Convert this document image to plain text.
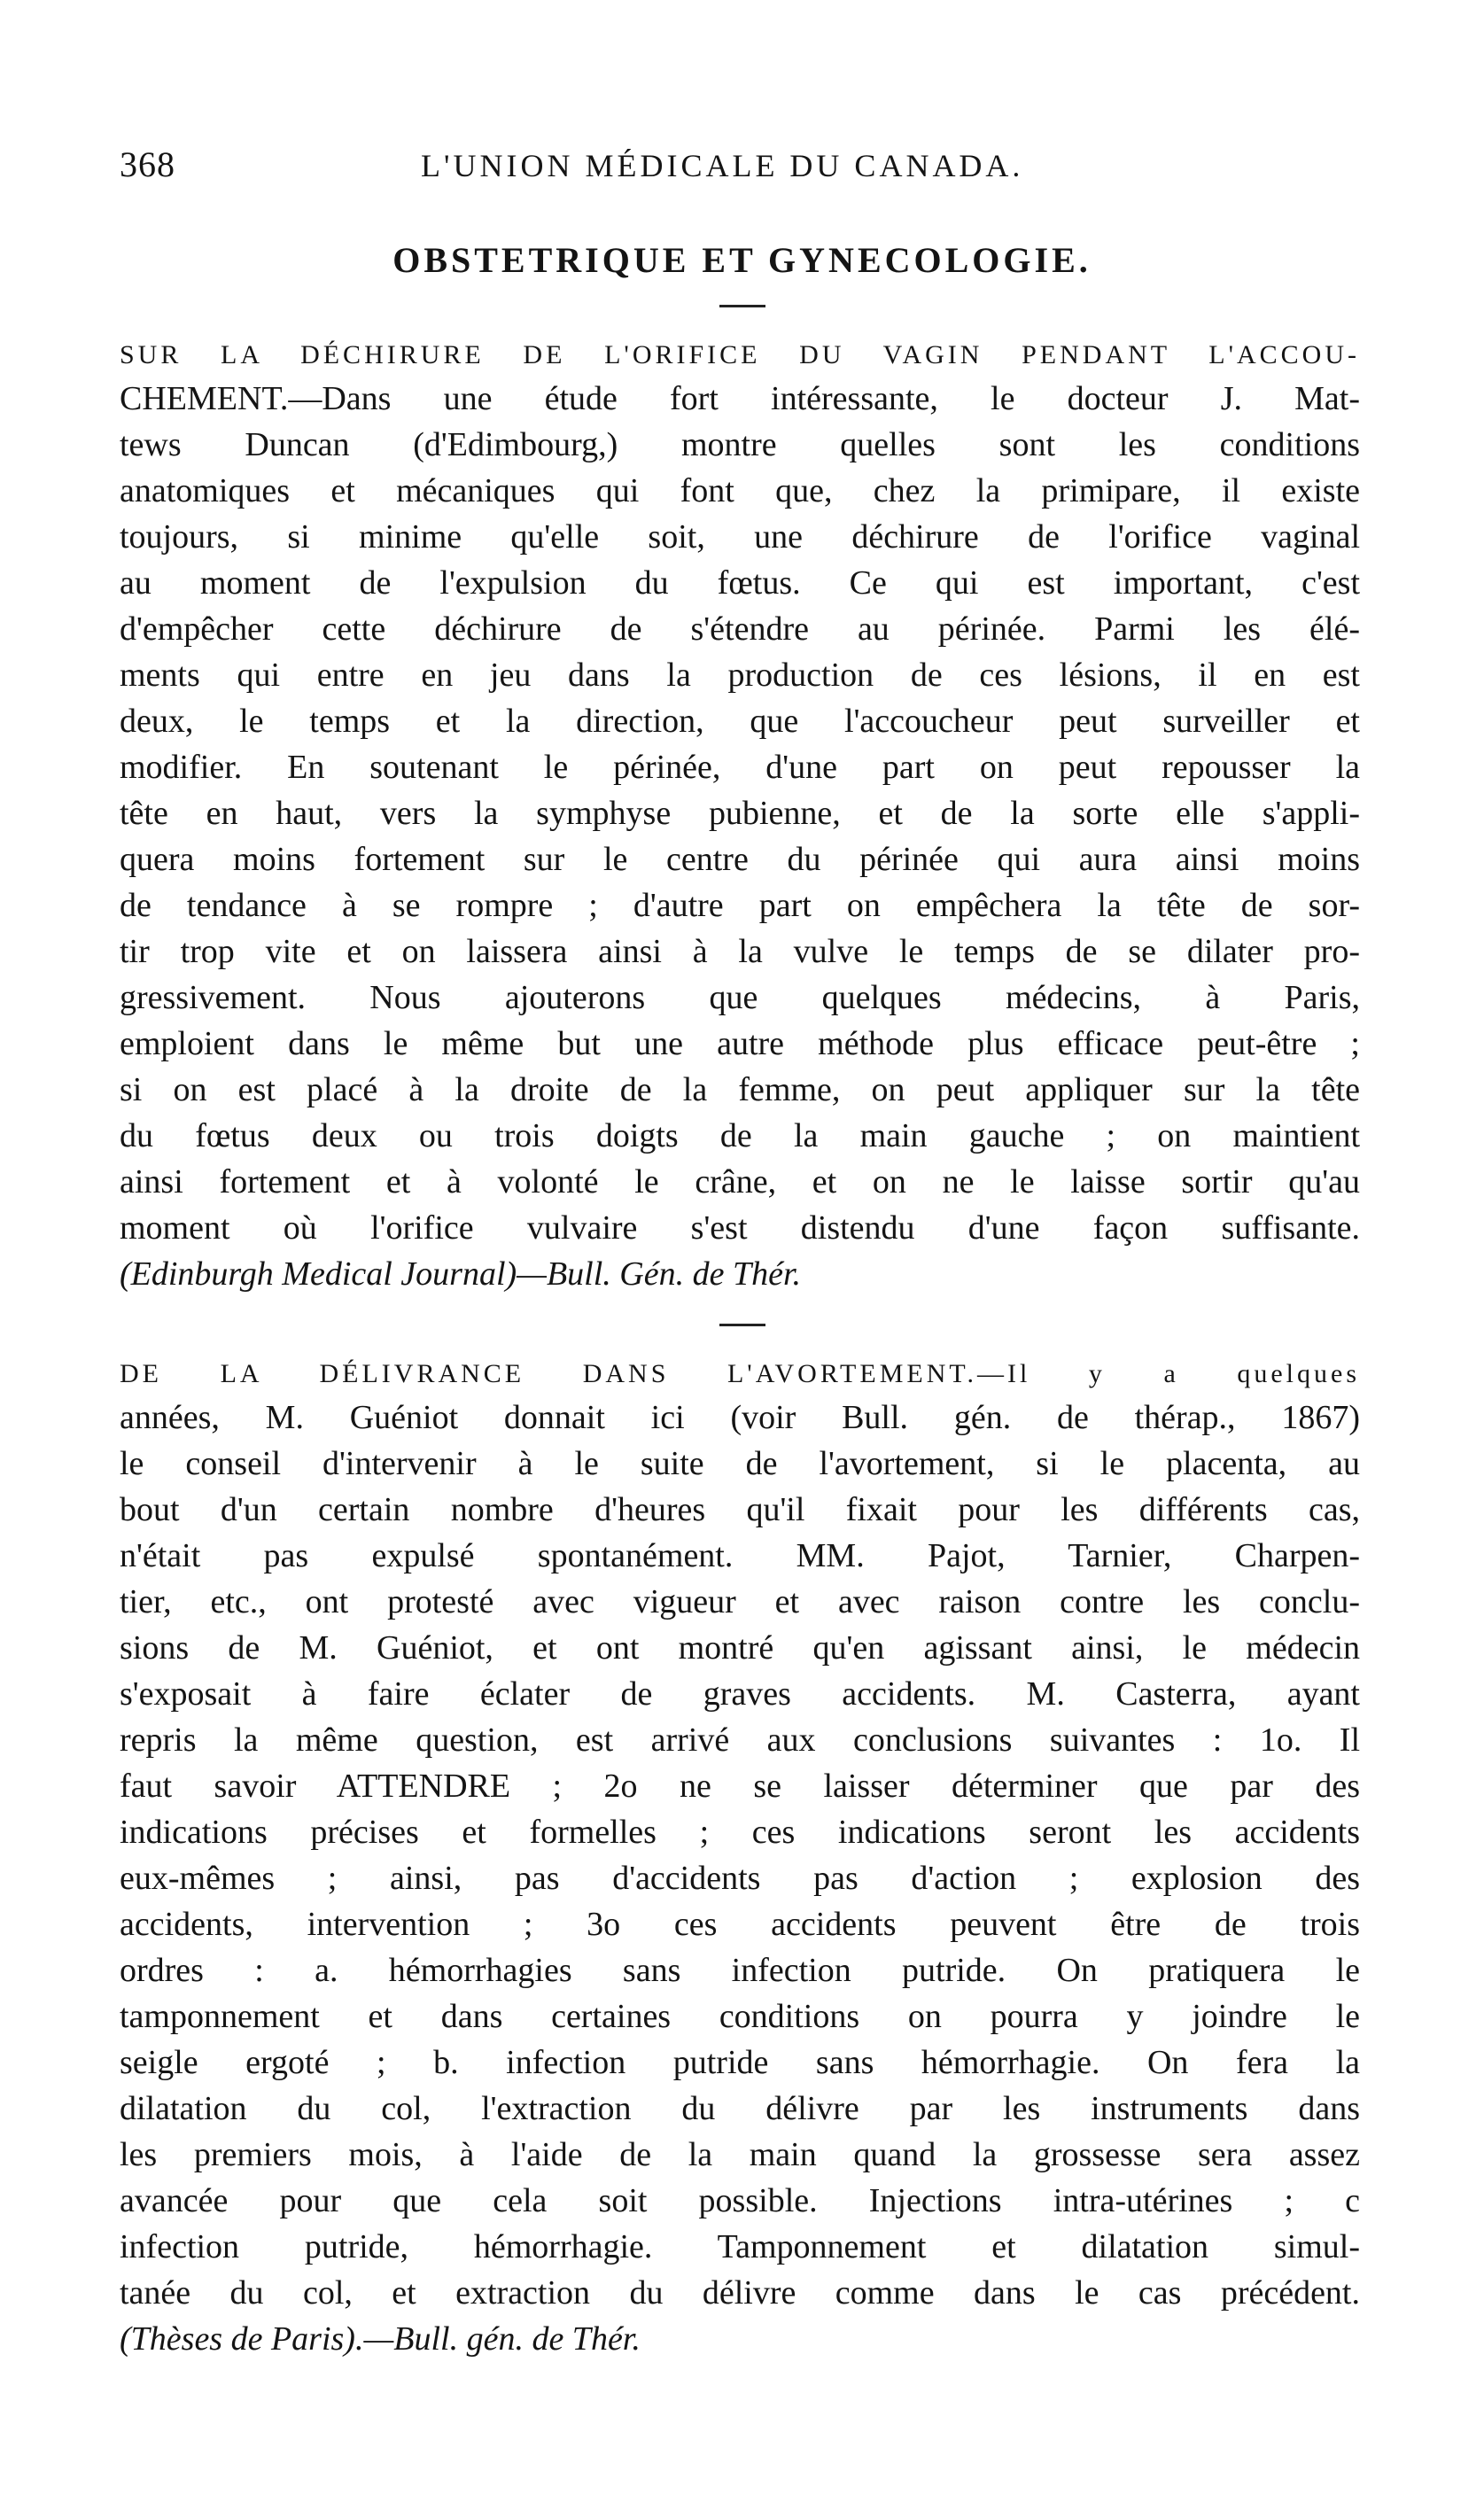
368	L'UNION MÉDICALE DU CANADA.
OBSTETRIQUE ET GYNECOLOGIE.
SUR LA DÉCHIRURE DE L'ORIFICE DU VAGIN PENDANT L'ACCOU-
CHEMENT.—Dans une étude fort intéressante, le docteur J. Mat-
tews Duncan (d'Edimbourg,) montre quelles sont les conditions
anatomiques et mécaniques qui font que, chez la primipare, il existe
toujours, si minime qu'elle soit, une déchirure de l'orifice vaginal
au moment de l'expulsion du fœtus. Ce qui est important, c'est
d'empêcher cette déchirure de s'étendre au périnée. Parmi les élé-
ments qui entre en jeu dans la production de ces lésions, il en est
deux, le temps et la direction, que l'accoucheur peut surveiller et
modifier. En soutenant le périnée, d'une part on peut repousser la
tête en haut, vers la symphyse pubienne, et de la sorte elle s'appli-
quera moins fortement sur le centre du périnée qui aura ainsi moins
de tendance à se rompre ; d'autre part on empêchera la tête de sor-
tir trop vite et on laissera ainsi à la vulve le temps de se dilater pro-
gressivement. Nous ajouterons que quelques médecins, à Paris,
emploient dans le même but une autre méthode plus efficace peut-être ;
si on est placé à la droite de la femme, on peut appliquer sur la tête
du fœtus deux ou trois doigts de la main gauche ; on maintient
ainsi fortement et à volonté le crâne, et on ne le laisse sortir qu'au
moment où l'orifice vulvaire s'est distendu d'une façon suffisante.
(Edinburgh Medical Journal)—Bull. Gén. de Thér.
DE LA DÉLIVRANCE DANS L'AVORTEMENT.—Il y a quelques
années, M. Guéniot donnait ici (voir Bull. gén. de thérap., 1867)
le conseil d'intervenir à le suite de l'avortement, si le placenta, au
bout d'un certain nombre d'heures qu'il fixait pour les différents cas,
n'était pas expulsé spontanément. MM. Pajot, Tarnier, Charpen-
tier, etc., ont protesté avec vigueur et avec raison contre les conclu-
sions de M. Guéniot, et ont montré qu'en agissant ainsi, le médecin
s'exposait à faire éclater de graves accidents. M. Casterra, ayant
repris la même question, est arrivé aux conclusions suivantes : 1o. Il
faut savoir ATTENDRE ; 2o ne se laisser déterminer que par des
indications précises et formelles ; ces indications seront les accidents
eux-mêmes ; ainsi, pas d'accidents pas d'action ; explosion des
accidents, intervention ; 3o ces accidents peuvent être de trois
ordres : a. hémorrhagies sans infection putride. On pratiquera le
tamponnement et dans certaines conditions on pourra y joindre le
seigle ergoté ; b. infection putride sans hémorrhagie. On fera la
dilatation du col, l'extraction du délivre par les instruments dans
les premiers mois, à l'aide de la main quand la grossesse sera assez
avancée pour que cela soit possible. Injections intra-utérines ; c
infection putride, hémorrhagie. Tamponnement et dilatation simul-
tanée du col, et extraction du délivre comme dans le cas précédent.
(Thèses de Paris).—Bull. gén. de Thér.
